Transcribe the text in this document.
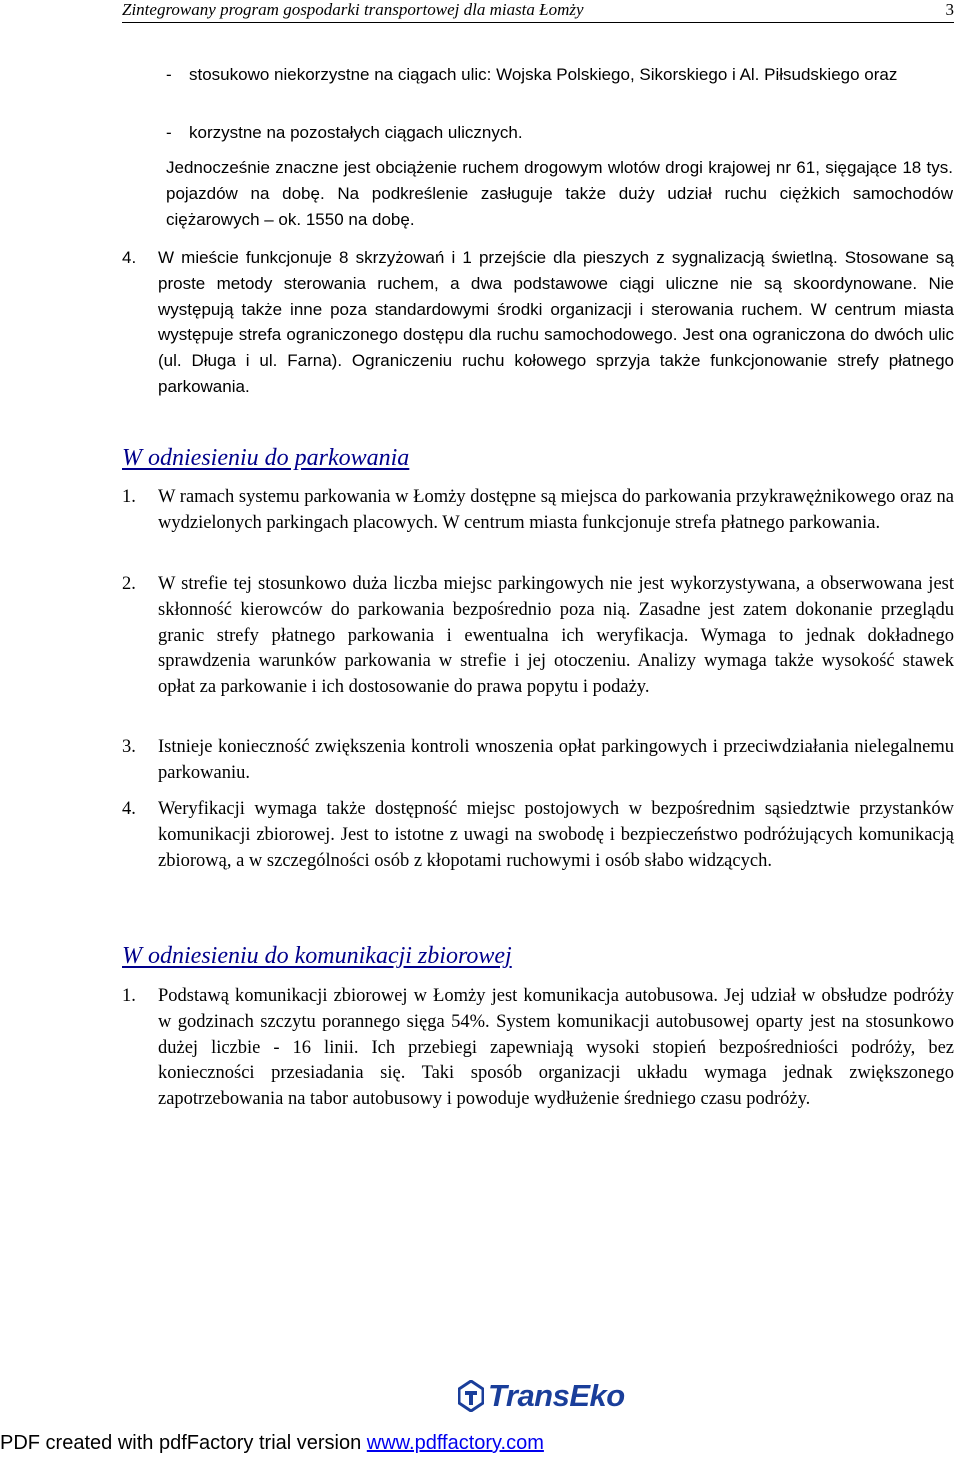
Zintegrowany program gospodarki transportowej dla miasta Łomży	3
- stosukowo niekorzystne na ciągach ulic: Wojska Polskiego, Sikorskiego i Al. Piłsudskiego oraz
- korzystne na pozostałych ciągach ulicznych.
Jednocześnie znaczne jest obciążenie ruchem drogowym wlotów drogi krajowej nr 61, sięgające 18 tys. pojazdów na dobę. Na podkreślenie zasługuje także duży udział ruchu ciężkich samochodów ciężarowych – ok. 1550 na dobę.
4. W mieście funkcjonuje 8 skrzyżowań i 1 przejście dla pieszych z sygnalizacją świetlną. Stosowane są proste metody sterowania ruchem, a dwa podstawowe ciągi uliczne nie są skoordynowane. Nie występują także inne poza standardowymi środki organizacji i sterowania ruchem. W centrum miasta występuje strefa ograniczonego dostępu dla ruchu samochodowego. Jest ona ograniczona do dwóch ulic (ul. Długa i ul. Farna). Ograniczeniu ruchu kołowego sprzyja także funkcjonowanie strefy płatnego parkowania.
W odniesieniu do parkowania
1. W ramach systemu parkowania w Łomży dostępne są miejsca do parkowania przykrawężnikowego oraz na wydzielonych parkingach placowych. W centrum miasta funkcjonuje strefa płatnego parkowania.
2. W strefie tej stosunkowo duża liczba miejsc parkingowych nie jest wykorzystywana, a obserwowana jest skłonność kierowców do parkowania bezpośrednio poza nią. Zasadne jest zatem dokonanie przeglądu granic strefy płatnego parkowania i ewentualna ich weryfikacja. Wymaga to jednak dokładnego sprawdzenia warunków parkowania w strefie i jej otoczeniu. Analizy wymaga także wysokość stawek opłat za parkowanie i ich dostosowanie do prawa popytu i podaży.
3. Istnieje konieczność zwiększenia kontroli wnoszenia opłat parkingowych i przeciwdziałania nielegalnemu parkowaniu.
4. Weryfikacji wymaga także dostępność miejsc postojowych w bezpośrednim sąsiedztwie przystanków komunikacji zbiorowej. Jest to istotne z uwagi na swobodę i bezpieczeństwo podróżujących komunikacją zbiorową, a w szczególności osób z kłopotami ruchowymi i osób słabo widzących.
W odniesieniu do komunikacji zbiorowej
1. Podstawą komunikacji zbiorowej w Łomży jest komunikacja autobusowa. Jej udział w obsłudze podróży w godzinach szczytu porannego sięga 54%. System komunikacji autobusowej oparty jest na stosunkowo dużej liczbie - 16 linii. Ich przebiegi zapewniają wysoki stopień bezpośredniości podróży, bez konieczności przesiadania się. Taki sposób organizacji układu wymaga jednak zwiększonego zapotrzebowania na tabor autobusowy i powoduje wydłużenie średniego czasu podróży.
TransEko
PDF created with pdfFactory trial version www.pdffactory.com
